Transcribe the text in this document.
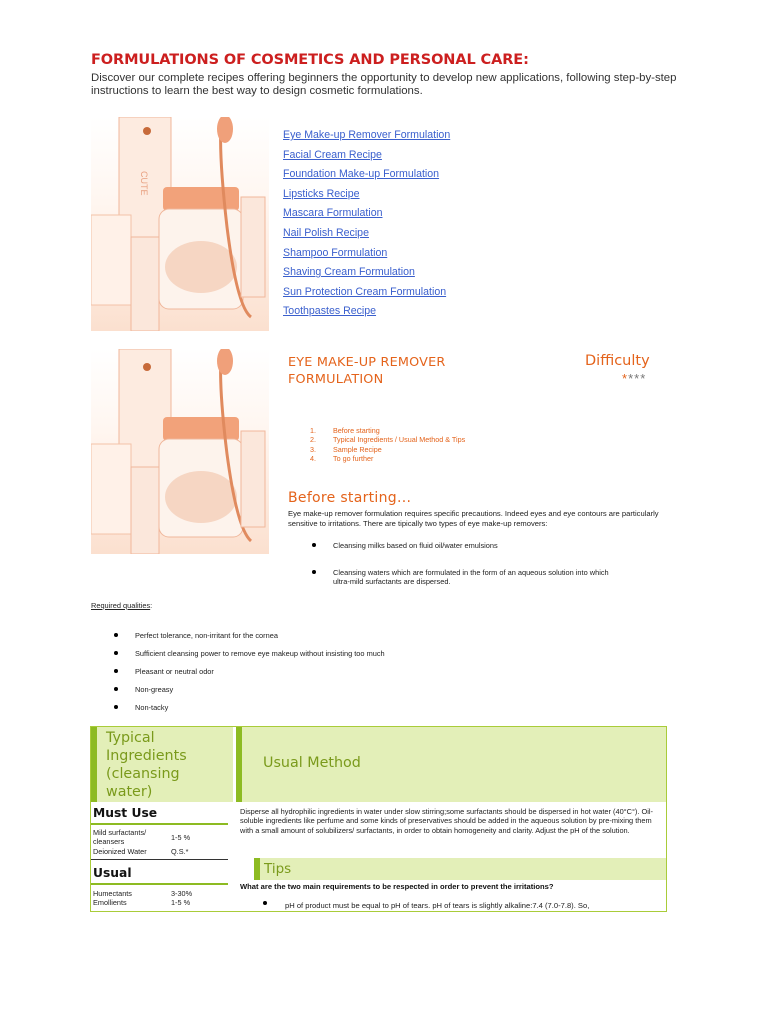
FORMULATIONS OF COSMETICS AND PERSONAL CARE:
Discover our complete recipes offering beginners the opportunity to develop new applications, following step-by-step instructions to learn the best way to design cosmetic formulations.
CUTE
Eye Make-up Remover Formulation
Facial Cream Recipe
Foundation Make-up Formulation
Lipsticks Recipe
Mascara Formulation
Nail Polish Recipe
Shampoo Formulation
Shaving Cream Formulation
Sun Protection Cream Formulation
Toothpastes Recipe
EYE MAKE-UP REMOVER
FORMULATION
Difficulty
****
1. Before starting
2. Typical Ingredients / Usual Method & Tips
3. Sample Recipe
4. To go further
Before starting...
Eye make-up remover formulation requires specific precautions. Indeed eyes and eye contours are particularly sensitive to irritations. There are tipically two types of eye make-up removers:
Cleansing milks based on fluid oil/water emulsions
Cleansing waters which are formulated in the form of an aqueous solution into which
ultra-mild surfactants are dispersed.
Required qualities:
Perfect tolerance, non-irritant for the cornea
Sufficient cleansing power to remove eye makeup without insisting too much
Pleasant or neutral odor
Non-greasy
Non-tacky
Typical
Ingredients
(cleansing
water)
Usual Method
Must Use
Mild surfactants/
cleansers	1-5 %
Deionized Water	Q.S.*
Usual
Humectants	3-30%
Emollients	1-5 %
Disperse all hydrophilic ingredients in water under slow stirring;some surfactants should be dispersed in hot water (40°C°). Oil-soluble ingredients like perfume and some kinds of preservatives should be added in the aqueous solution by pre-mixing them with a small amount of solubilizers/ surfactants, in order to obtain homogeneity and clarity. Adjust the pH of the solution.
Tips
What are the two main requirements to be respected in order to prevent the irritations?
pH of product must be equal to pH of tears. pH of tears is slightly alkaline:7.4 (7.0-7.8). So,
